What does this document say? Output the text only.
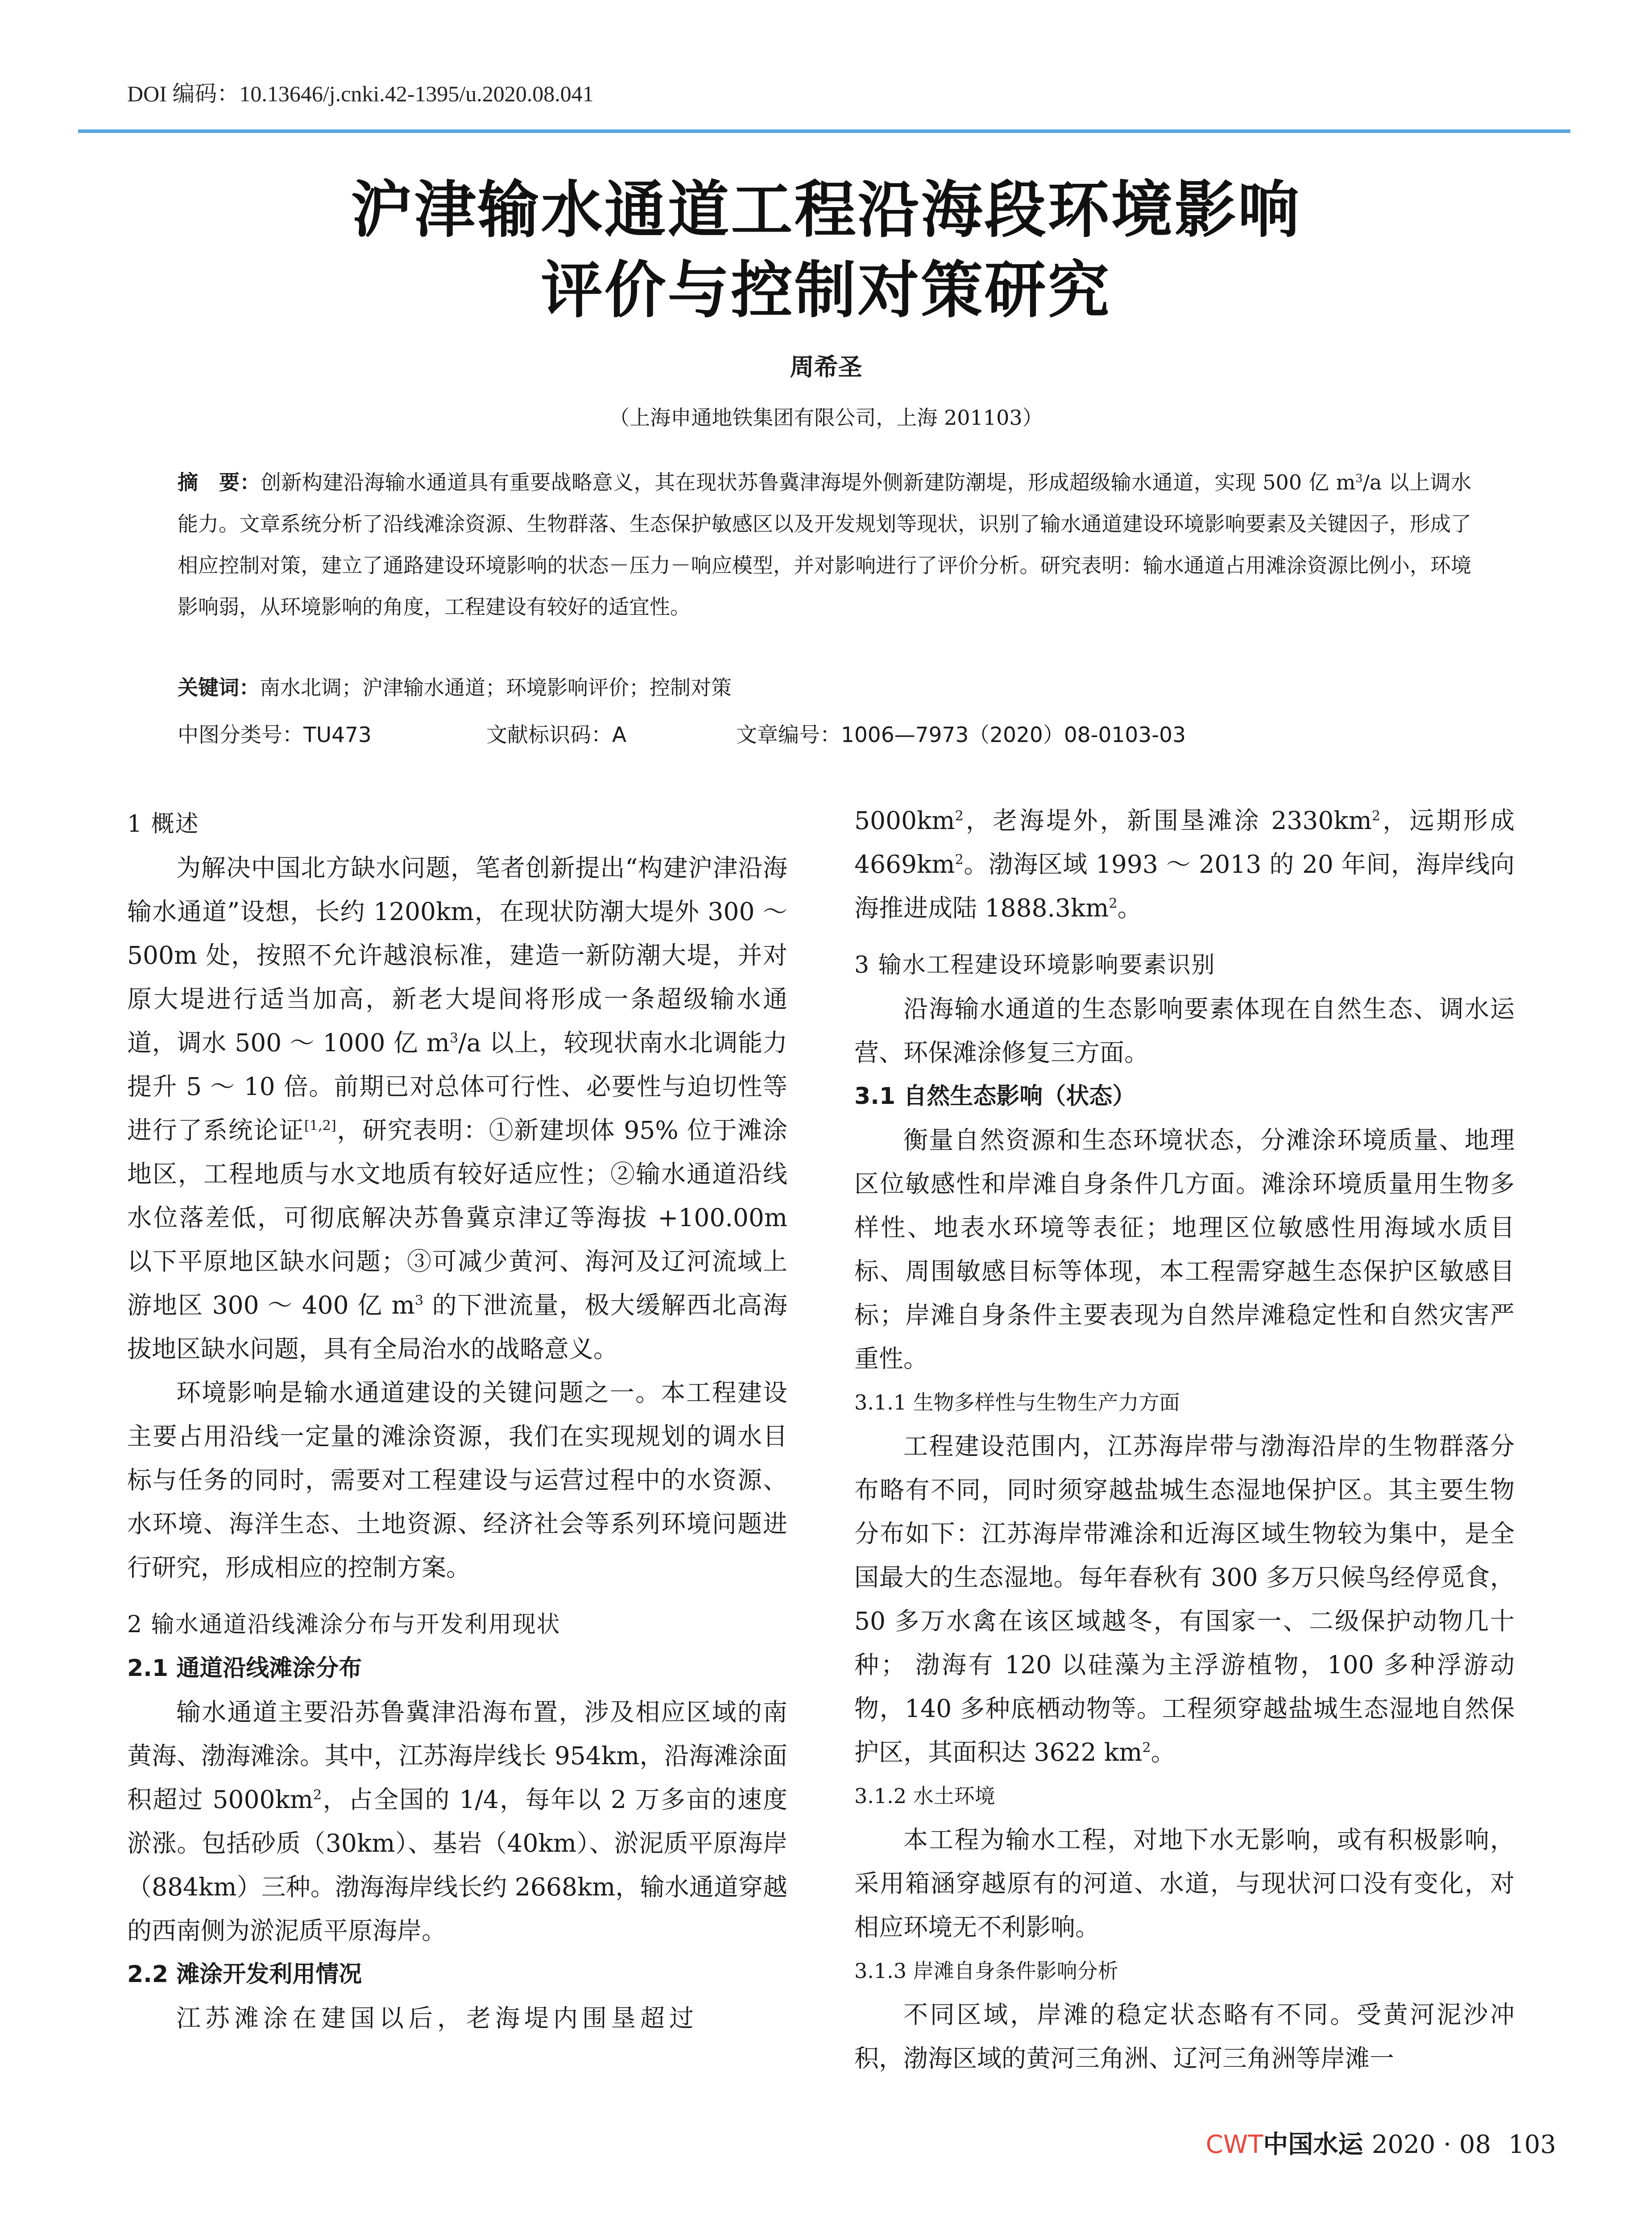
DOI 编码：10.13646/j.cnki.42-1395/u.2020.08.041
沪津输水通道工程沿海段环境影响
评价与控制对策研究
周希圣
（上海申通地铁集团有限公司，上海 201103）
摘　要：创新构建沿海输水通道具有重要战略意义，其在现状苏鲁冀津海堤外侧新建防潮堤，形成超级输水通道，实现 500 亿 $m^3/a$ 以上调水能力。文章系统分析了沿线滩涂资源、生物群落、生态保护敏感区以及开发规划等现状，识别了输水通道建设环境影响要素及关键因子，形成了相应控制对策，建立了通路建设环境影响的状态－压力－响应模型，并对影响进行了评价分析。研究表明：输水通道占用滩涂资源比例小，环境影响弱，从环境影响的角度，工程建设有较好的适宜性。
关键词：南水北调；沪津输水通道；环境影响评价；控制对策
中图分类号：TU473	文献标识码：A	文章编号：1006—7973（2020）08-0103-03
1 概述

为解决中国北方缺水问题，笔者创新提出“构建沪津沿海输水通道”设想，长约 1200km，在现状防潮大堤外 300 ～ 500m 处，按照不允许越浪标准，建造一新防潮大堤，并对原大堤进行适当加高，新老大堤间将形成一条超级输水通道，调水 500 ～ 1000 亿 $m^3/a$ 以上，较现状南水北调能力提升 5 ～ 10 倍。前期已对总体可行性、必要性与迫切性等进行了系统论证[1,2]，研究表明：①新建坝体 95% 位于滩涂地区，工程地质与水文地质有较好适应性；②输水通道沿线水位落差低，可彻底解决苏鲁冀京津辽等海拔 +100.00m 以下平原地区缺水问题；③可减少黄河、海河及辽河流域上游地区 300 ～ 400 亿 $m^3$ 的下泄流量，极大缓解西北高海拔地区缺水问题，具有全局治水的战略意义。

环境影响是输水通道建设的关键问题之一。本工程建设主要占用沿线一定量的滩涂资源，我们在实现规划的调水目标与任务的同时，需要对工程建设与运营过程中的水资源、水环境、海洋生态、土地资源、经济社会等系列环境问题进行研究，形成相应的控制方案。

2 输水通道沿线滩涂分布与开发利用现状
2.1 通道沿线滩涂分布

输水通道主要沿苏鲁冀津沿海布置，涉及相应区域的南黄海、渤海滩涂。其中，江苏海岸线长 954km，沿海滩涂面积超过 $5000km^2$，占全国的 1/4，每年以 2 万多亩的速度淤涨。包括砂质（30km）、基岩（40km）、淤泥质平原海岸（884km）三种。渤海海岸线长约 2668km，输水通道穿越的西南侧为淤泥质平原海岸。

2.2 滩涂开发利用情况

江苏滩涂在建国以后，老海堤内围垦超过

$5000km^2$，老海堤外，新围垦滩涂 $2330km^2$，远期形成 $4669km^2$。渤海区域 1993 ～ 2013 的 20 年间，海岸线向海推进成陆 $1888.3km^2$。

3 输水工程建设环境影响要素识别

沿海输水通道的生态影响要素体现在自然生态、调水运营、环保滩涂修复三方面。

3.1 自然生态影响（状态）

衡量自然资源和生态环境状态，分滩涂环境质量、地理区位敏感性和岸滩自身条件几方面。滩涂环境质量用生物多样性、地表水环境等表征；地理区位敏感性用海域水质目标、周围敏感目标等体现，本工程需穿越生态保护区敏感目标；岸滩自身条件主要表现为自然岸滩稳定性和自然灾害严重性。

3.1.1 生物多样性与生物生产力方面

工程建设范围内，江苏海岸带与渤海沿岸的生物群落分布略有不同，同时须穿越盐城生态湿地保护区。其主要生物分布如下：江苏海岸带滩涂和近海区域生物较为集中，是全国最大的生态湿地。每年春秋有 300 多万只候鸟经停觅食，50 多万水禽在该区域越冬，有国家一、二级保护动物几十种； 渤海有 120 以硅藻为主浮游植物，100 多种浮游动物，140 多种底栖动物等。工程须穿越盐城生态湿地自然保护区，其面积达 3622 $km^2$。

3.1.2 水土环境

本工程为输水工程，对地下水无影响，或有积极影响，采用箱涵穿越原有的河道、水道，与现状河口没有变化，对相应环境无不利影响。

3.1.3 岸滩自身条件影响分析

不同区域，岸滩的稳定状态略有不同。受黄河泥沙冲积，渤海区域的黄河三角洲、辽河三角洲等岸滩一

CWT中国水运 2020 · 08 103
